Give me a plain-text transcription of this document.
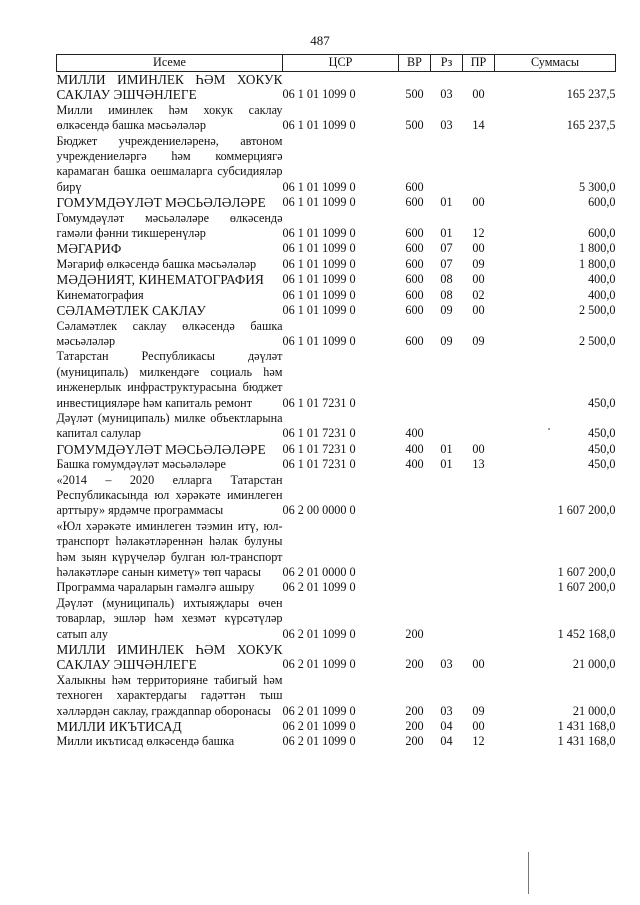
487
Исеме	ЦСР	ВР	Рз	ПР	Суммасы
МИЛЛИ ИМИНЛЕК ҺӘМ ХОКУК САКЛАУ ЭШЧӘНЛЕГЕ	06 1 01 1099 0	500	03	00	165 237,5
Милли иминлек һәм хокук саклау өлкәсендә башка мәсьәләләр	06 1 01 1099 0	500	03	14	165 237,5
Бюджет учреждениеләренә, автоном учреждениеләргә һәм коммерциягә карамаган башка оешмаларга субсидияләр бирү	06 1 01 1099 0	600			5 300,0
ГОМУМДӘҮЛӘТ МӘСЬӘЛӘЛӘРЕ	06 1 01 1099 0	600	01	00	600,0
Гомумдәүләт мәсьәләләре өлкәсендә гамәли фәнни тикшеренүләр	06 1 01 1099 0	600	01	12	600,0
МӘГАРИФ	06 1 01 1099 0	600	07	00	1 800,0
Мәгариф өлкәсендә башка мәсьәләләр	06 1 01 1099 0	600	07	09	1 800,0
МӘДӘНИЯТ, КИНЕМАТОГРАФИЯ	06 1 01 1099 0	600	08	00	400,0
Кинематография	06 1 01 1099 0	600	08	02	400,0
СӘЛАМӘТЛЕК САКЛАУ	06 1 01 1099 0	600	09	00	2 500,0
Сәламәтлек саклау өлкәсендә башка мәсьәләләр	06 1 01 1099 0	600	09	09	2 500,0
Татарстан Республикасы дәүләт (муниципаль) милкендәге социаль һәм инженерлык инфраструктурасына бюджет инвестицияләре һәм капиталь ремонт	06 1 01 7231 0				450,0
Дәүләт (муниципаль) милке объектларына капитал салулар	06 1 01 7231 0	400			450,0
ГОМУМДӘҮЛӘТ МӘСЬӘЛӘЛӘРЕ	06 1 01 7231 0	400	01	00	450,0
Башка гомумдәүләт мәсьәләләре	06 1 01 7231 0	400	01	13	450,0
«2014 – 2020 елларга Татарстан Республикасында юл хәрәкәте иминлеген арттыру» ярдәмче программасы	06 2 00 0000 0				1 607 200,0
«Юл хәрәкәте иминлеген тәэмин итү, юл-транспорт һәлакәтләреннән һәлак булуны һәм зыян күрүчеләр булган юл-транспорт һәлакәтләре санын киметү» төп чарасы	06 2 01 0000 0				1 607 200,0
Программа чараларын гамәлгә ашыру	06 2 01 1099 0				1 607 200,0
Дәүләт (муниципаль) ихтыяҗлары өчен товарлар, эшләр һәм хезмәт күрсәтүләр сатып алу	06 2 01 1099 0	200			1 452 168,0
МИЛЛИ ИМИНЛЕК ҺӘМ ХОКУК САКЛАУ ЭШЧӘНЛЕГЕ	06 2 01 1099 0	200	03	00	21 000,0
Халыкны һәм территорияне табигый һәм техноген характердагы гадәттән тыш хәлләрдән саклау, граждannар оборонасы	06 2 01 1099 0	200	03	09	21 000,0
МИЛЛИ ИКЪТИСАД	06 2 01 1099 0	200	04	00	1 431 168,0
Милли икътисад өлкәсендә башка	06 2 01 1099 0	200	04	12	1 431 168,0
